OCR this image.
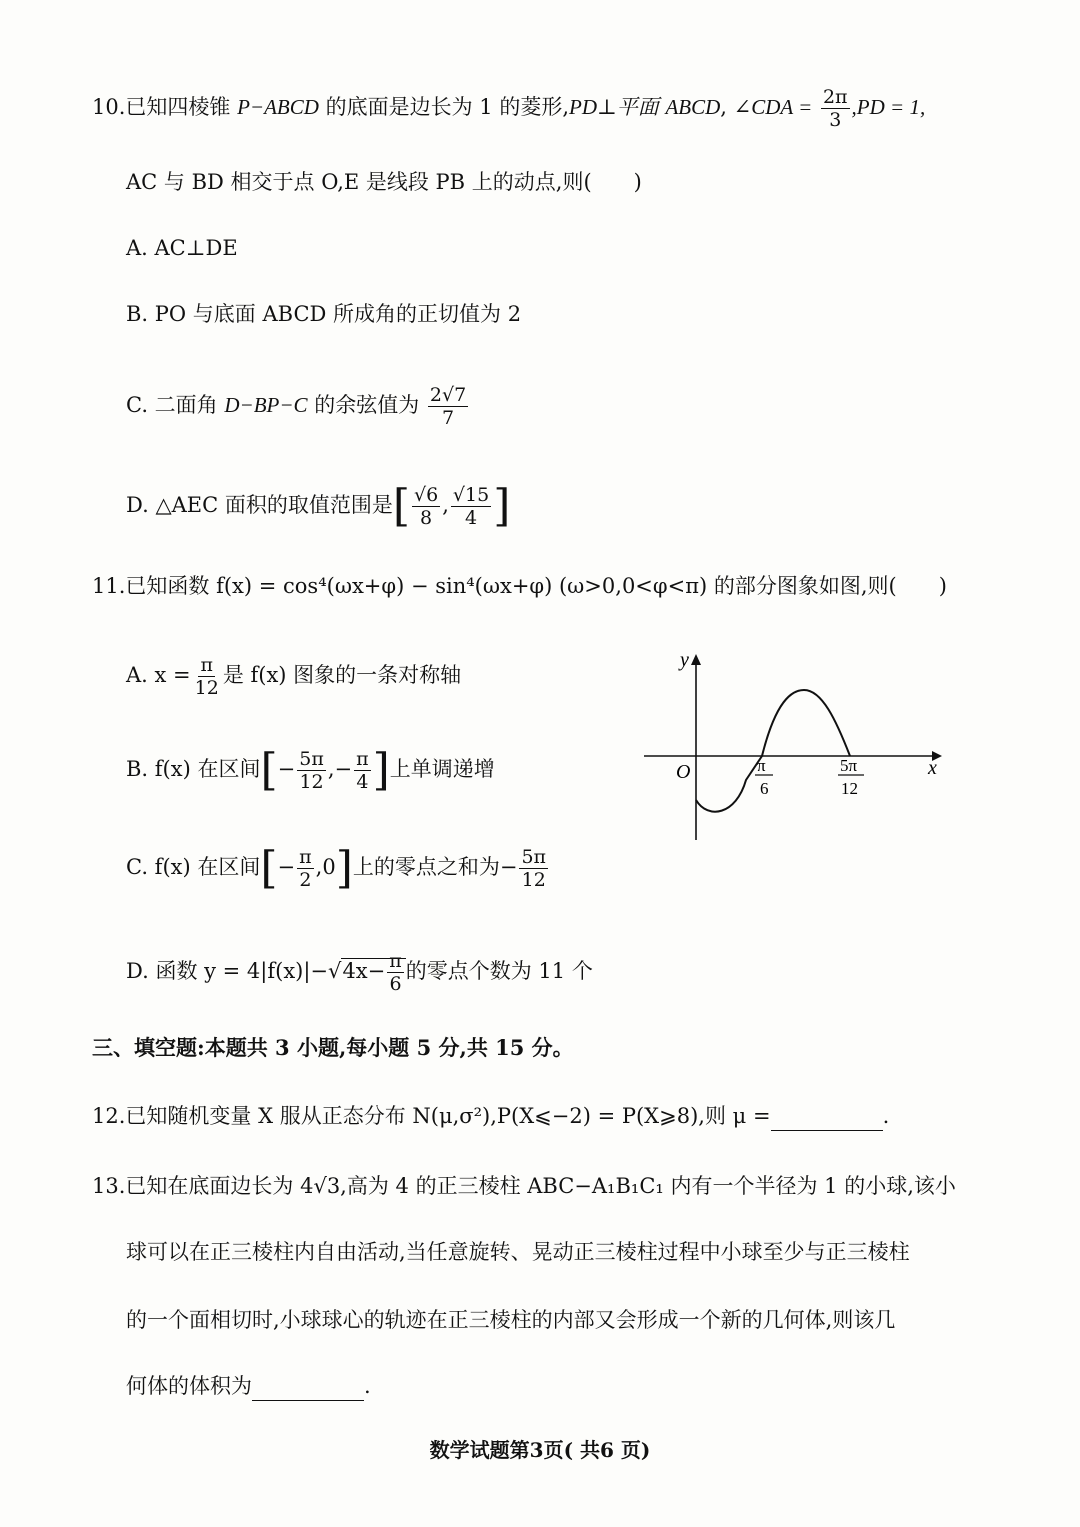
10.已知四棱锥 P−ABCD 的底面是边长为 1 的菱形,PD⊥平面 ABCD, ∠CDA = $\frac{2\pi}{3} ,PD = 1$,
AC 与 BD 相交于点 O,E 是线段 PB 上的动点,则(　　)
A. AC⊥DE
B. PO 与底面 ABCD 所成角的正切值为 2
C. 二面角 D−BP−C 的余弦值为 $\frac{2√7}{7}$
D. △AEC 面积的取值范围是[ $\frac{√6}{8}$ , $\frac{√15}{4}$ ]
11.已知函数 f(x) = cos⁴(ωx+φ) − sin⁴(ωx+φ) (ω>0,0<φ<π) 的部分图象如图,则(　　)
A. $x = \frac{\pi}{12}$ 是 f(x) 图象的一条对称轴
B. f(x) 在区间[− $\frac{5\pi}{12}$ ,− $\frac{\pi}{4}$ ]上单调递增
C. f(x) 在区间[− $\frac{\pi}{2} ,0$]上的零点之和为− $\frac{5\pi}{12}$
D. 函数 $y = 4|f(x)|-√4x- \frac{\pi}{6}$ 的零点个数为 11 个
y
x
O	π
6
5π
12
三、填空题:本题共 3 小题,每小题 5 分,共 15 分。
12.已知随机变量 X 服从正态分布 N(μ,σ²),P(X⩽−2) = P(X⩾8),则 μ =	.
13.已知在底面边长为 4√3,高为 4 的正三棱柱 ABC−A₁B₁C₁ 内有一个半径为 1 的小球,该小
球可以在正三棱柱内自由活动,当任意旋转、晃动正三棱柱过程中小球至少与正三棱柱
的一个面相切时,小球球心的轨迹在正三棱柱的内部又会形成一个新的几何体,则该几
何体的体积为	.
数学试题第3页( 共6 页)
